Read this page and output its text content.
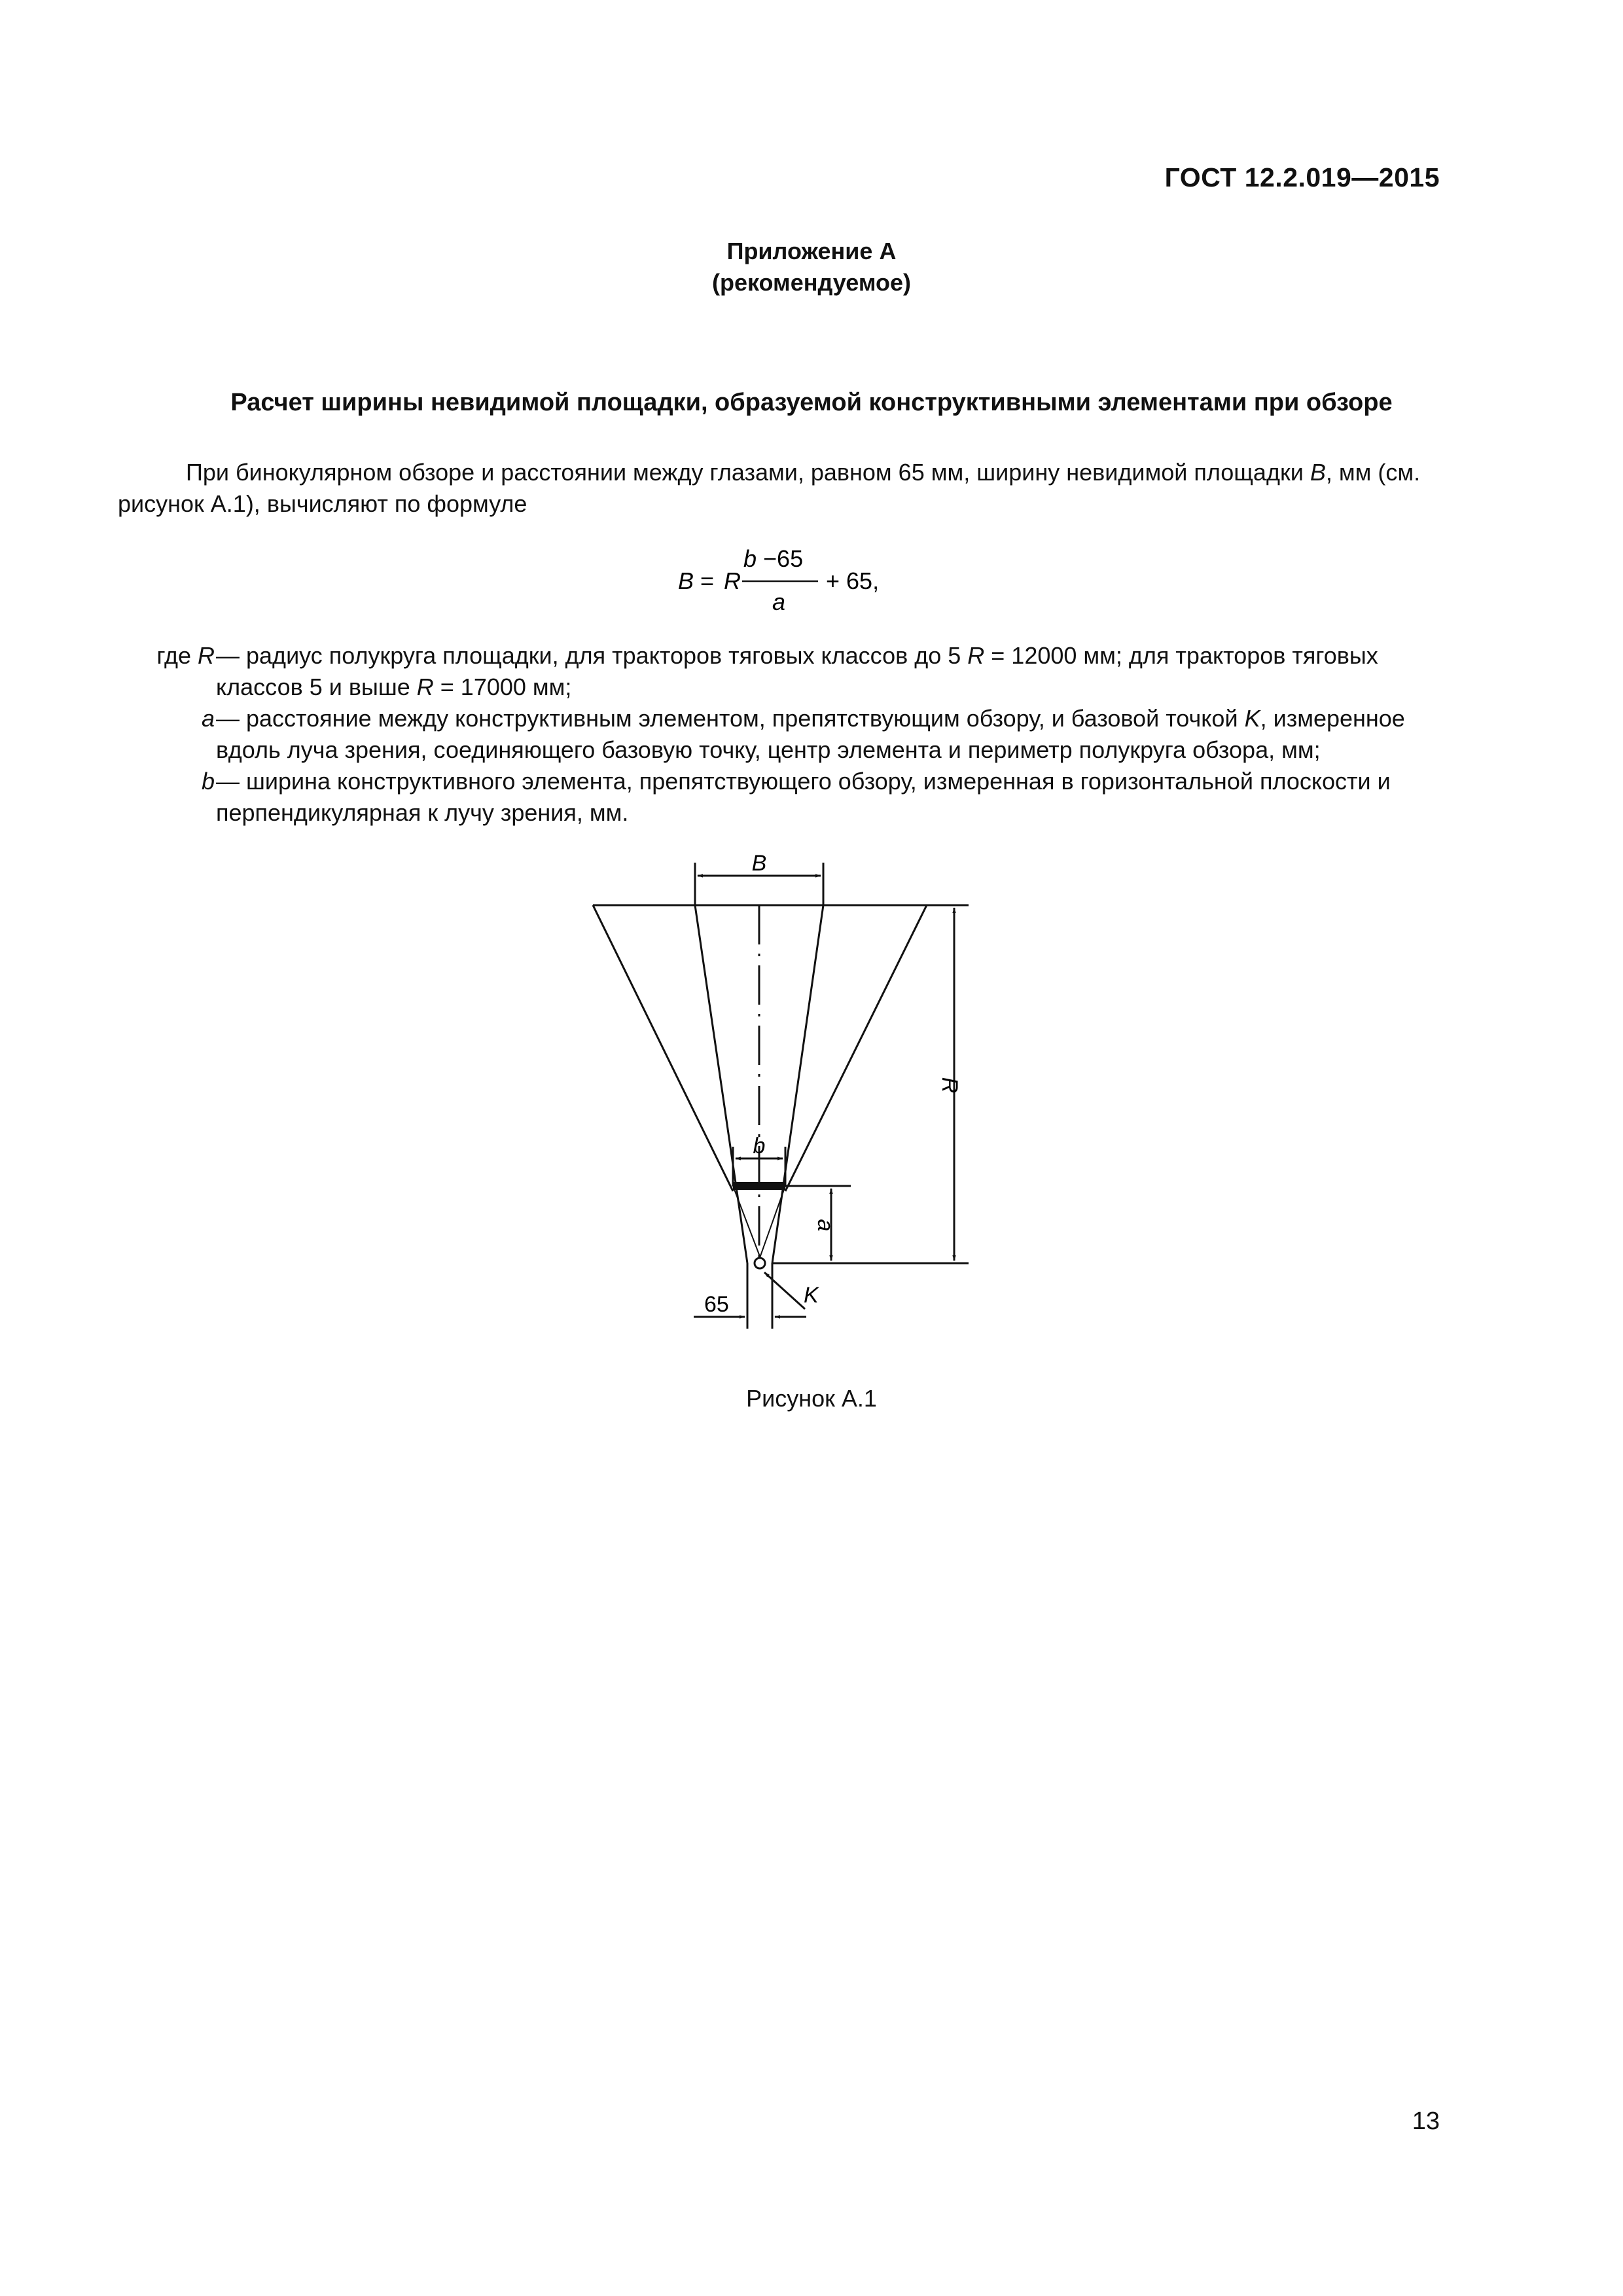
ГОСТ 12.2.019—2015
Приложение А
(рекомендуемое)
Расчет ширины невидимой площадки, образуемой конструктивными элементами при обзоре
При бинокулярном обзоре и расстоянии между глазами, равном 65 мм, ширину невидимой площадки B, мм (см. рисунок А.1), вычисляют по формуле
B = R
b −65
a
+ 65,
где R — радиус полукруга площадки, для тракторов тяговых классов до 5 R = 12000 мм; для тракторов тяговых классов 5 и выше R = 17000 мм;
a — расстояние между конструктивным элементом, препятствующим обзору, и базовой точкой K, измеренное вдоль луча зрения, соединяющего базовую точку, центр элемента и периметр полукруга обзора, мм;
b — ширина конструктивного элемента, препятствующего обзору, измеренная в горизонтальной плоскости и перпендикулярная к лучу зрения, мм.
B
R
b
a
K
65
Рисунок А.1
13
